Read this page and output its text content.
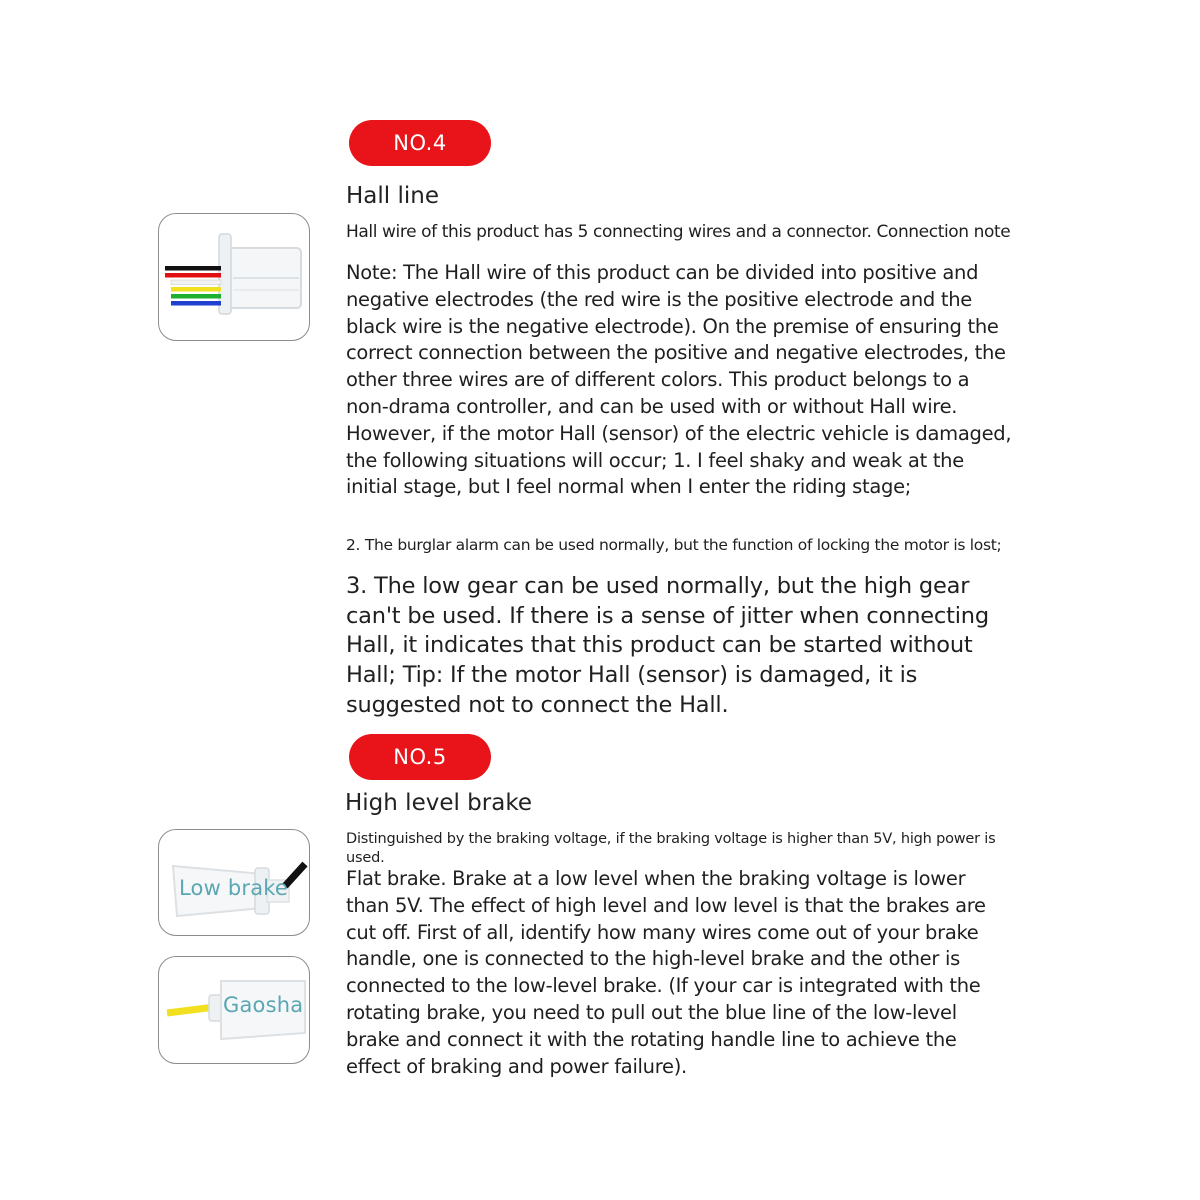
NO.4
Hall line

Hall wire of this product has 5 connecting wires and a connector. Connection note

Note: The Hall wire of this product can be divided into positive and negative electrodes (the red wire is the positive electrode and the black wire is the negative electrode). On the premise of ensuring the correct connection between the positive and negative electrodes, the other three wires are of different colors. This product belongs to a non-drama controller, and can be used with or without Hall wire. However, if the motor Hall (sensor) of the electric vehicle is damaged, the following situations will occur; 1. I feel shaky and weak at the initial stage, but I feel normal when I enter the riding stage;

2. The burglar alarm can be used normally, but the function of locking the motor is lost;

3. The low gear can be used normally, but the high gear can't be used. If there is a sense of jitter when connecting Hall, it indicates that this product can be started without Hall; Tip: If the motor Hall (sensor) is damaged, it is suggested not to connect the Hall.

NO.5
High level brake

Distinguished by the braking voltage, if the braking voltage is higher than 5V, high power is used.

Flat brake. Brake at a low level when the braking voltage is lower than 5V. The effect of high level and low level is that the brakes are cut off. First of all, identify how many wires come out of your brake handle, one is connected to the high-level brake and the other is connected to the low-level brake. (If your car is integrated with the rotating brake, you need to pull out the blue line of the low-level brake and connect it with the rotating handle line to achieve the effect of braking and power failure).

Low brake
Gaosha
